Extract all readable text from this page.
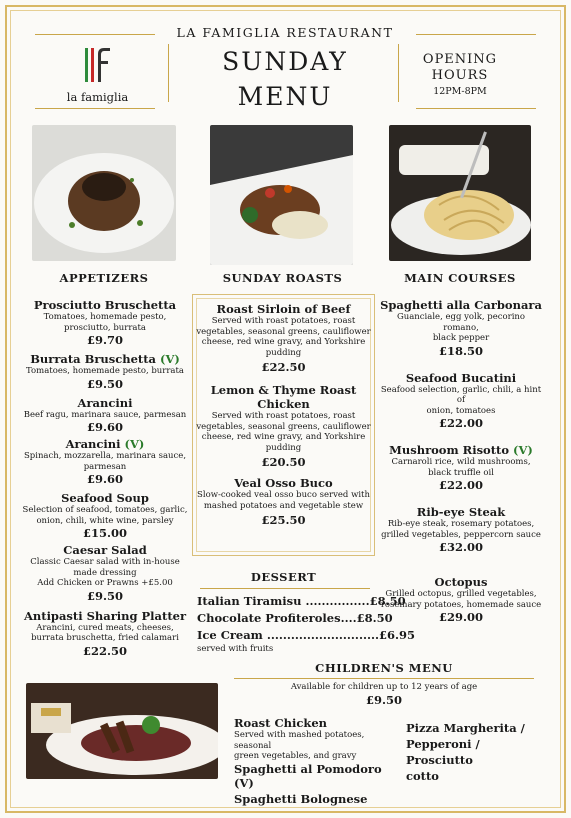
LA FAMIGLIA RESTAURANT
la famiglia
SUNDAY
MENU
OPENING
HOURS
12PM-8PM
APPETIZERS	SUNDAY ROASTS	MAIN COURSES
Prosciutto Bruschetta
Tomatoes, homemade pesto,
prosciutto, burrata
£9.70
Burrata Bruschetta (V)
Tomatoes, homemade pesto, burrata
£9.50
Arancini
Beef ragu, marinara sauce, parmesan
£9.60
Arancini (V)
Spinach, mozzarella, marinara sauce,
parmesan
£9.60
Seafood Soup
Selection of seafood, tomatoes, garlic,
onion, chili, white wine, parsley
£15.00
Caesar Salad
Classic Caesar salad with in-house
made dressing
Add Chicken or Prawns +£5.00
£9.50
Antipasti Sharing Platter
Arancini, cured meats, cheeses,
burrata bruschetta, fried calamari
£22.50
Roast Sirloin of Beef
Served with roast potatoes, roast
vegetables, seasonal greens, cauliflower
cheese, red wine gravy, and Yorkshire
pudding
£22.50
Lemon & Thyme Roast
Chicken
Served with roast potatoes, roast
vegetables, seasonal greens, cauliflower
cheese, red wine gravy, and Yorkshire
pudding
£20.50
Veal Osso Buco
Slow-cooked veal osso buco served with
mashed potatoes and vegetable stew
£25.50
Spaghetti alla Carbonara
Guanciale, egg yolk, pecorino romano,
black pepper
£18.50
Seafood Bucatini
Seafood selection, garlic, chili, a hint of
onion, tomatoes
£22.00
Mushroom Risotto (V)
Carnaroli rice, wild mushrooms,
black truffle oil
£22.00
Rib-eye Steak
Rib-eye steak, rosemary potatoes,
grilled vegetables, peppercorn sauce
£32.00
Octopus
Grilled octopus, grilled vegetables,
rosemary potatoes, homemade sauce
£29.00
DESSERT
Italian Tiramisu ................£8.50
Chocolate Profiteroles....£8.50
Ice Cream ............................£6.95
served with fruits
CHILDREN'S MENU
Available for children up to 12 years of age
£9.50
Roast Chicken
Served with mashed potatoes, seasonal
green vegetables, and gravy
Spaghetti al Pomodoro (V)
Spaghetti Bolognese
Pizza Margherita /
Pepperoni / Prosciutto
cotto
